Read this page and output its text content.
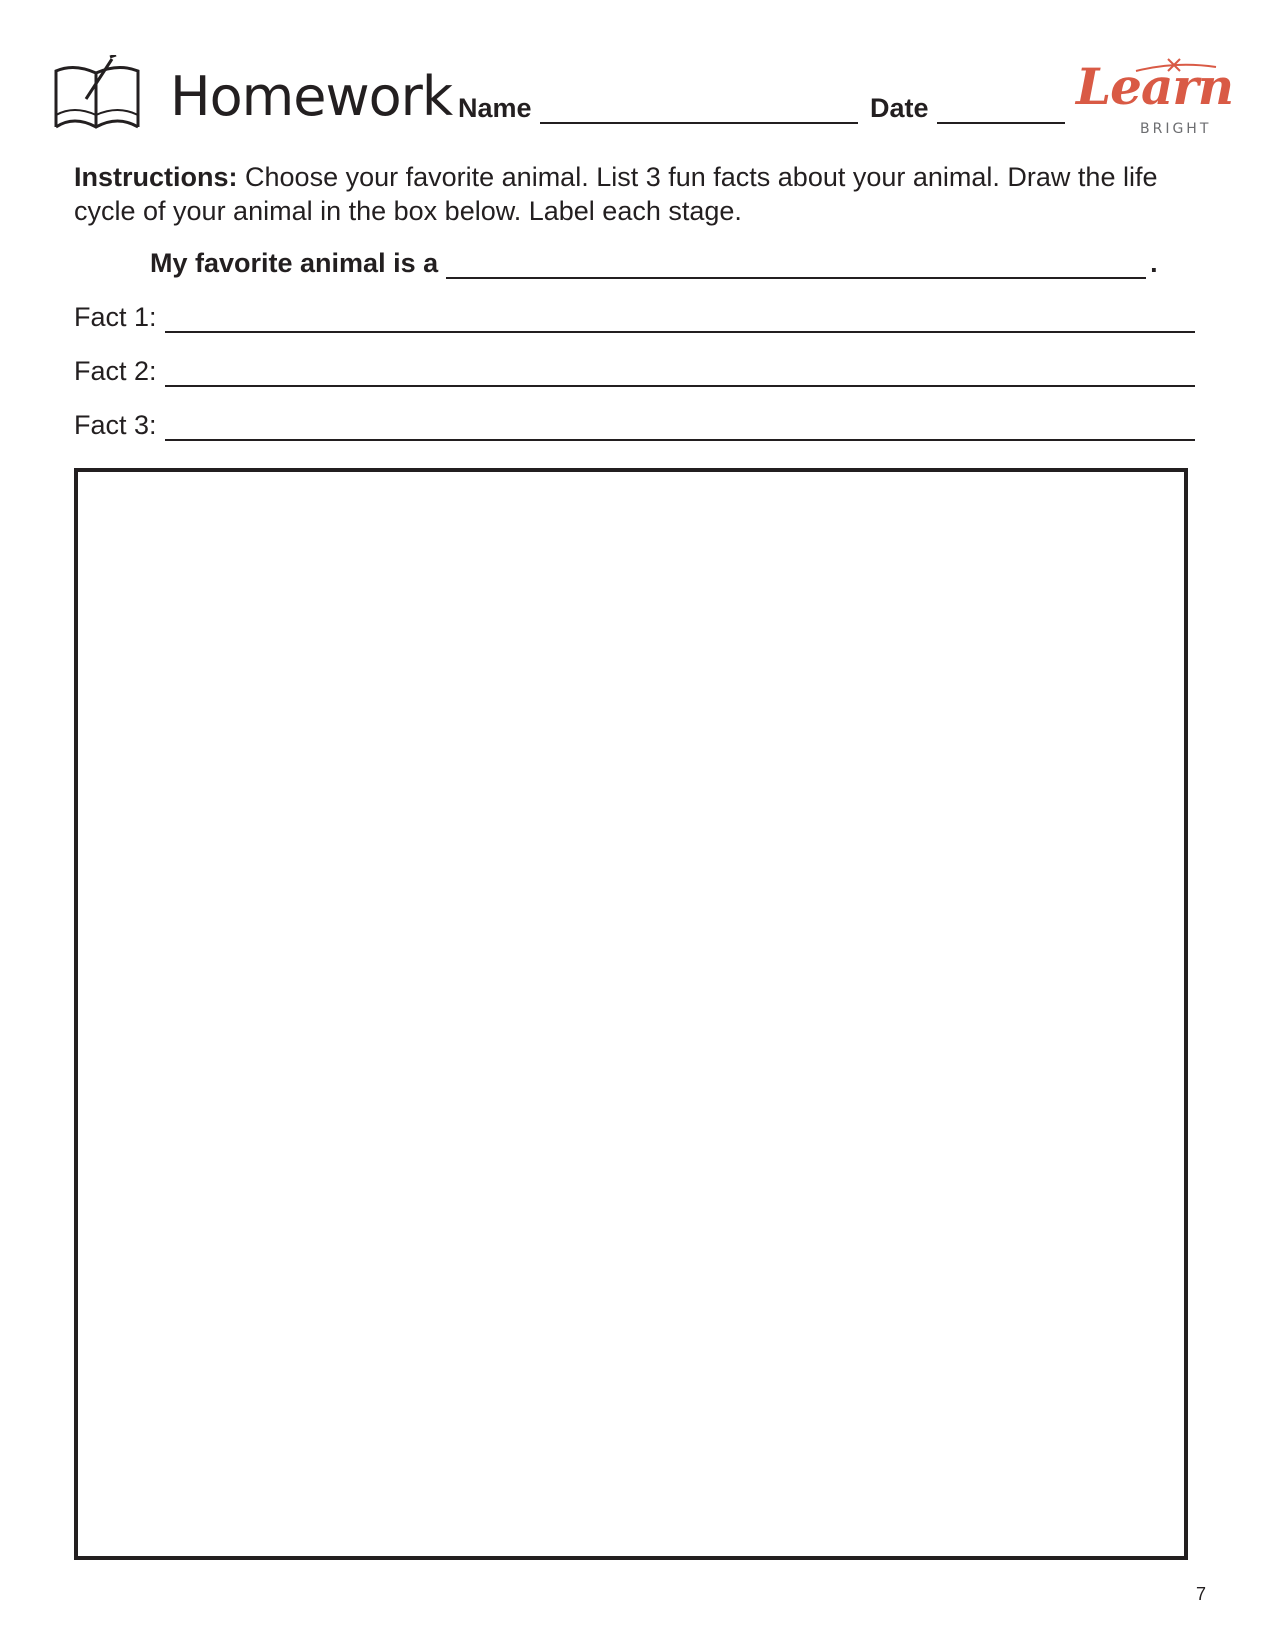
Homework Name	Date	Learn
BRIGHT
Instructions: Choose your favorite animal. List 3 fun facts about your animal. Draw the life cycle of your animal in the box below. Label each stage.
My favorite animal is a	.
Fact 1:
Fact 2:
Fact 3:
7
